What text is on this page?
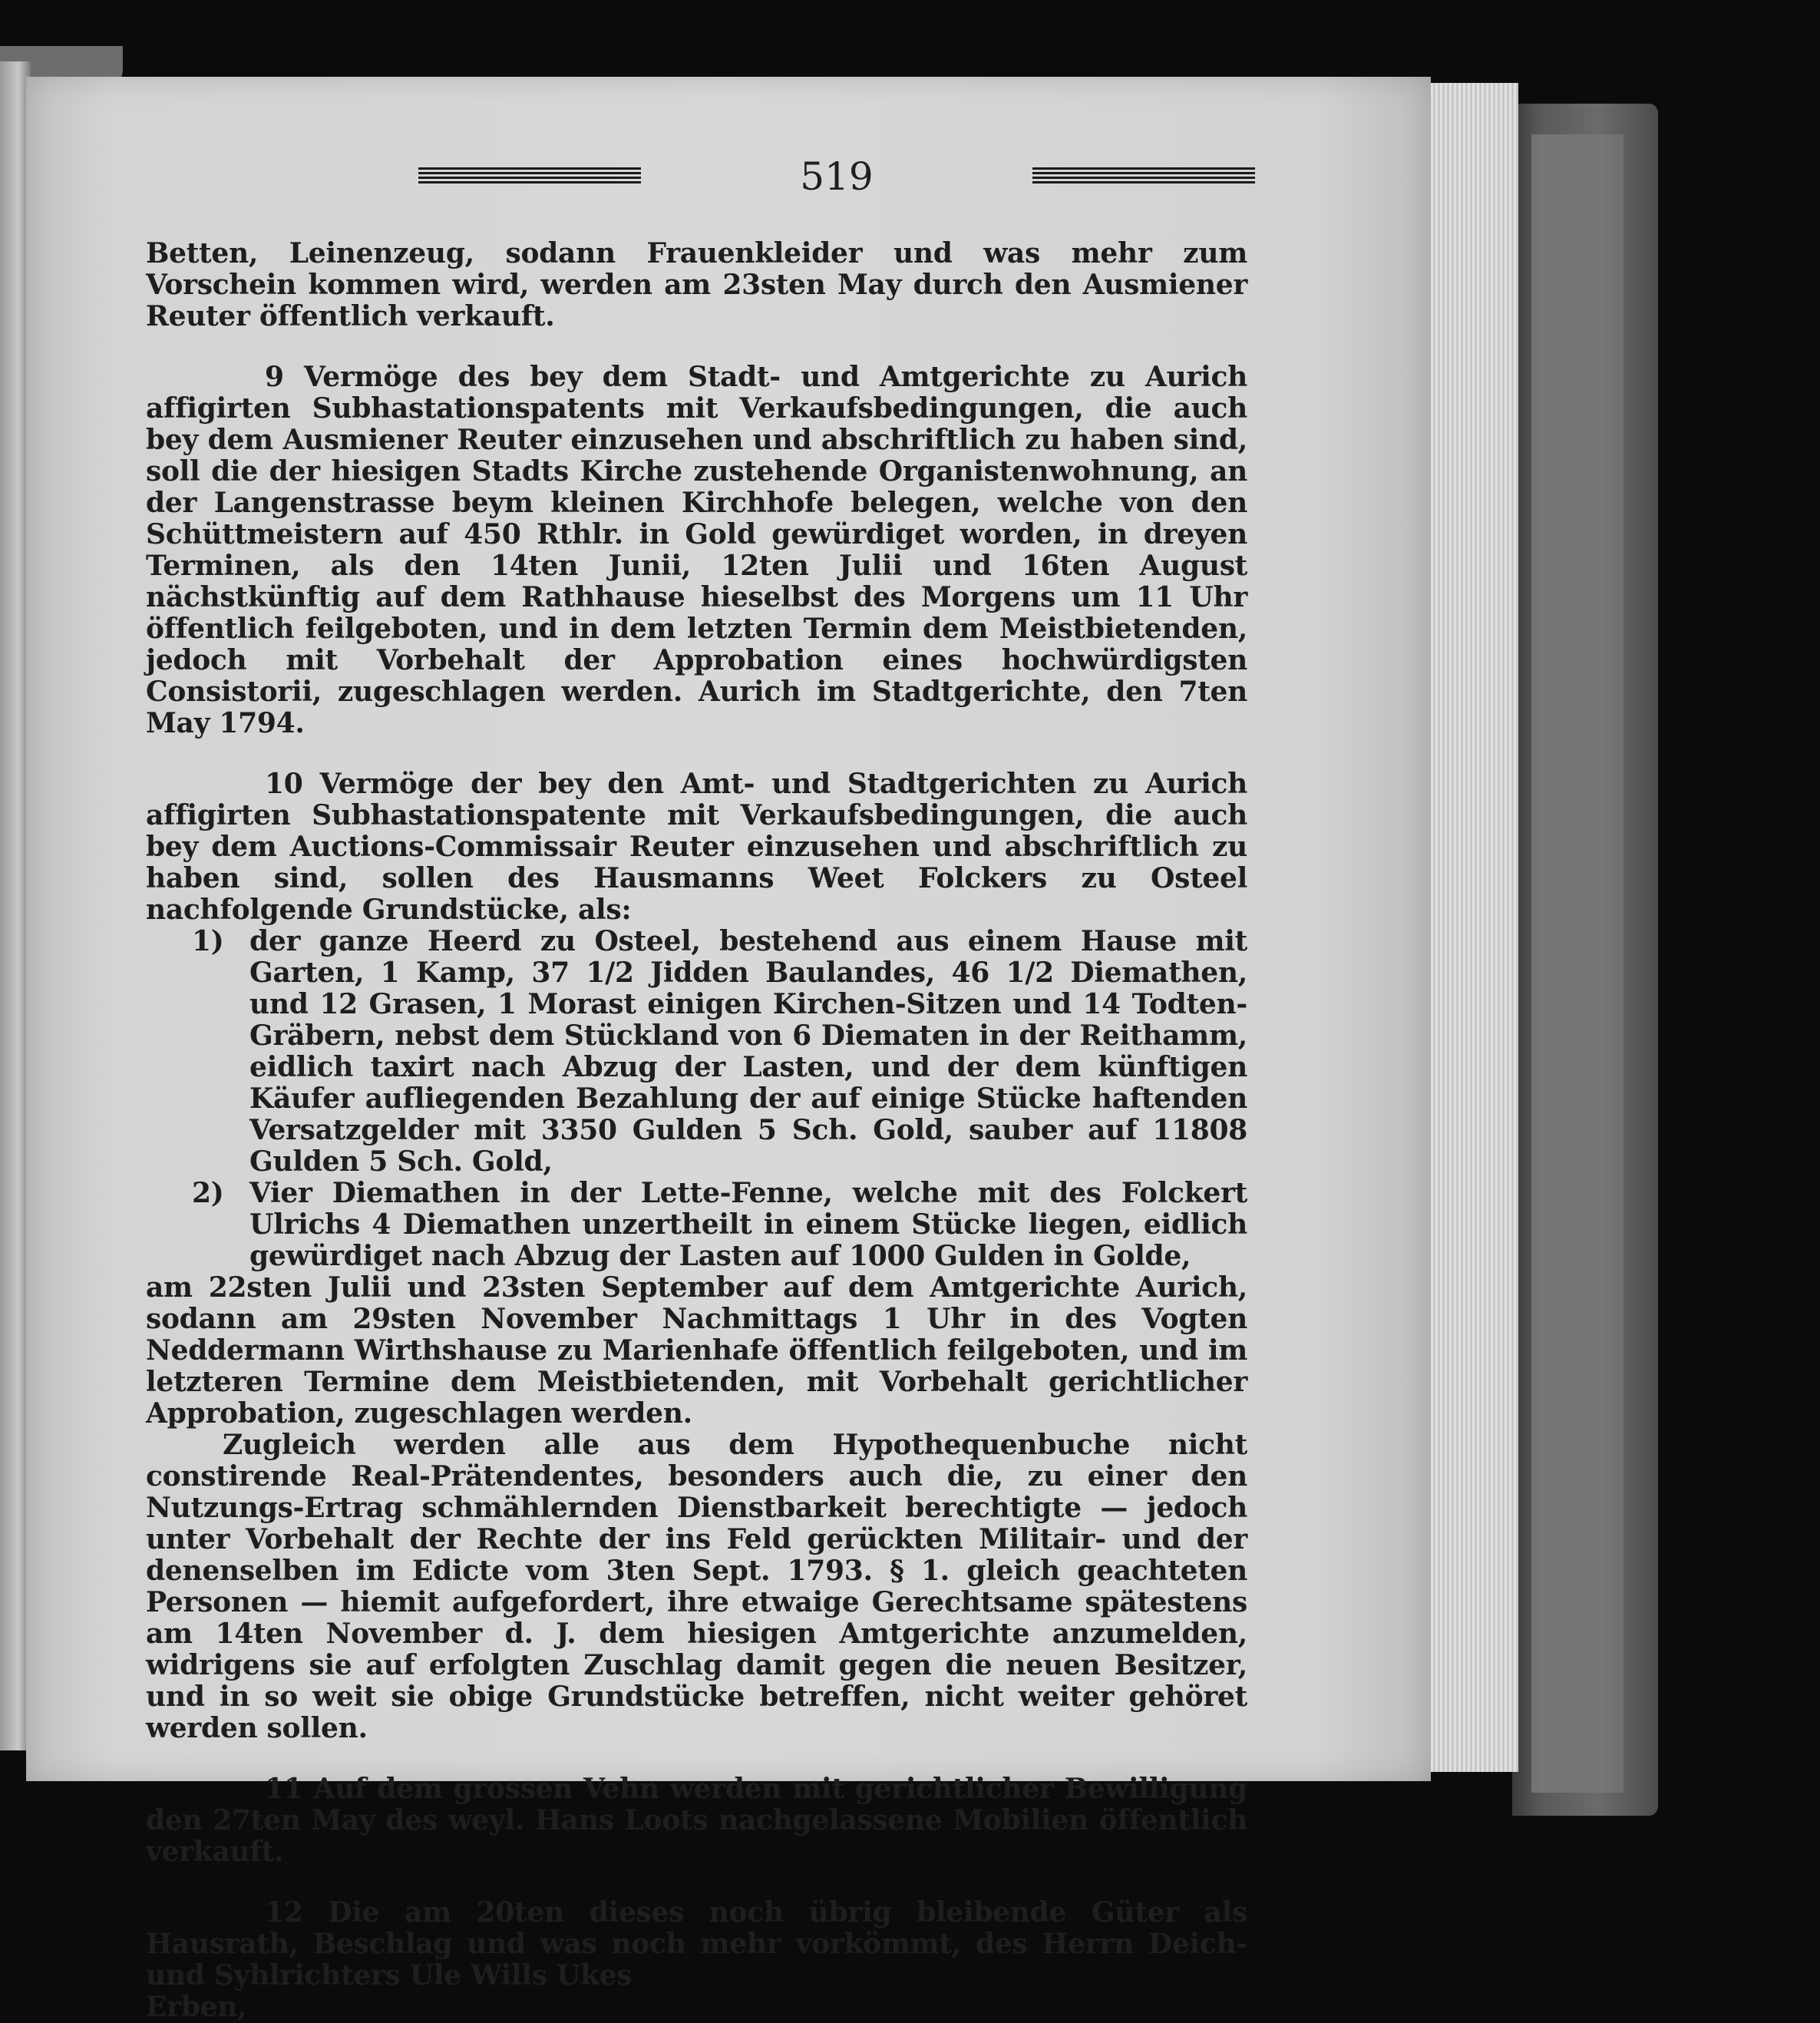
519

Betten, Leinenzeug, sodann Frauenkleider und was mehr zum Vorschein kommen wird, werden am 23sten May durch den Ausmiener Reuter öffentlich verkauft.

9 Vermöge des bey dem Stadt- und Amtgerichte zu Aurich affigirten Subhastationspatents mit Verkaufsbedingungen, die auch bey dem Ausmiener Reuter einzusehen und abschriftlich zu haben sind, soll die der hiesigen Stadts Kirche zustehende Organistenwohnung, an der Langenstrasse beym kleinen Kirchhofe belegen, welche von den Schüttmeistern auf 450 Rthlr. in Gold gewürdiget worden, in dreyen Terminen, als den 14ten Junii, 12ten Julii und 16ten August nächstkünftig auf dem Rathhause hieselbst des Morgens um 11 Uhr öffentlich feilgeboten, und in dem letzten Termin dem Meistbietenden, jedoch mit Vorbehalt der Approbation eines hochwürdigsten Consistorii, zugeschlagen werden. Aurich im Stadtgerichte, den 7ten May 1794.

10 Vermöge der bey den Amt- und Stadtgerichten zu Aurich affigirten Subhastationspatente mit Verkaufsbedingungen, die auch bey dem Auctions-Commissair Reuter einzusehen und abschriftlich zu haben sind, sollen des Hausmanns Weet Folckers zu Osteel nachfolgende Grundstücke, als:

1) der ganze Heerd zu Osteel, bestehend aus einem Hause mit Garten, 1 Kamp, 37 1/2 Jidden Baulandes, 46 1/2 Diemathen, und 12 Grasen, 1 Morast einigen Kirchen-Sitzen und 14 Todten-Gräbern, nebst dem Stückland von 6 Diematen in der Reithamm, eidlich taxirt nach Abzug der Lasten, und der dem künftigen Käufer aufliegenden Bezahlung der auf einige Stücke haftenden Versatzgelder mit 3350 Gulden 5 Sch. Gold, sauber auf 11808 Gulden 5 Sch. Gold,
2) Vier Diemathen in der Lette-Fenne, welche mit des Folckert Ulrichs 4 Diemathen unzertheilt in einem Stücke liegen, eidlich gewürdiget nach Abzug der Lasten auf 1000 Gulden in Golde,

am 22sten Julii und 23sten September auf dem Amtgerichte Aurich, sodann am 29sten November Nachmittags 1 Uhr in des Vogten Neddermann Wirthshause zu Marienhafe öffentlich feilgeboten, und im letzteren Termine dem Meistbietenden, mit Vorbehalt gerichtlicher Approbation, zugeschlagen werden.

Zugleich werden alle aus dem Hypothequenbuche nicht constirende Real-Prätendentes, besonders auch die, zu einer den Nutzungs-Ertrag schmählernden Dienstbarkeit berechtigte — jedoch unter Vorbehalt der Rechte der ins Feld gerückten Militair- und der denenselben im Edicte vom 3ten Sept. 1793. § 1. gleich geachteten Personen — hiemit aufgefordert, ihre etwaige Gerechtsame spätestens am 14ten November d. J. dem hiesigen Amtgerichte anzumelden, widrigens sie auf erfolgten Zuschlag damit gegen die neuen Besitzer, und in so weit sie obige Grundstücke betreffen, nicht weiter gehöret werden sollen.

11 Auf dem grossen Vehn werden mit gerichtlicher Bewilligung den 27ten May des weyl. Hans Loots nachgelassene Mobilien öffentlich verkauft.

12 Die am 20ten dieses noch übrig bleibende Güter als Hausrath, Beschlag und was noch mehr vorkömmt, des Herrn Deich- und Syhlrichters Ule Wills Ukes

Erben,
